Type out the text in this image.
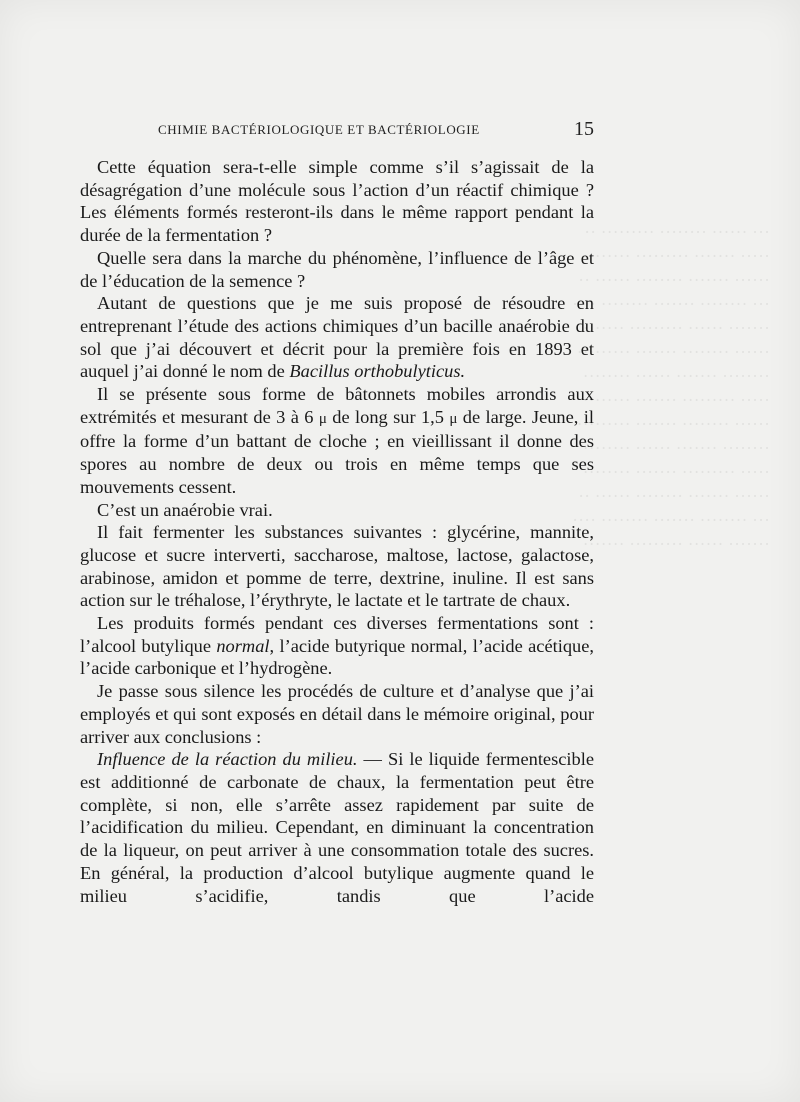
··· ······ ········ ········· ··
····· ······· ········· ········
······ ······· ········ ······ ··
··· ········ ······· ········ ····
······· ······ ········· ·······
······ ········ ······· ·········
········ ······· ······ ········
····· ········· ······· ········
······ ········ ······· ·········
········ ······· ······ ········
····· ········· ······· ········
······ ······· ········ ······ ··
··· ········ ······· ········ ····
······· ······ ········· ·······
CHIMIE BACTÉRIOLOGIQUE ET BACTÉRIOLOGIE	15

Cette équation sera-t-elle simple comme s’il s’agissait de la désagrégation d’une molécule sous l’action d’un réactif chimique ? Les éléments formés resteront-ils dans le même rapport pendant la durée de la fermentation ?

Quelle sera dans la marche du phénomène, l’influence de l’âge et de l’éducation de la semence ?

Autant de questions que je me suis proposé de résoudre en entreprenant l’étude des actions chimiques d’un bacille anaérobie du sol que j’ai découvert et décrit pour la première fois en 1893 et auquel j’ai donné le nom de Bacillus orthobulyticus.

Il se présente sous forme de bâtonnets mobiles arrondis aux extrémités et mesurant de 3 à 6 μ de long sur 1,5 μ de large. Jeune, il offre la forme d’un battant de cloche ; en vieillissant il donne des spores au nombre de deux ou trois en même temps que ses mouvements cessent.

C’est un anaérobie vrai.

Il fait fermenter les substances suivantes : glycérine, mannite, glucose et sucre interverti, saccharose, maltose, lactose, galactose, arabinose, amidon et pomme de terre, dextrine, inuline. Il est sans action sur le tréhalose, l’érythryte, le lactate et le tartrate de chaux.

Les produits formés pendant ces diverses fermentations sont : l’alcool butylique normal, l’acide butyrique normal, l’acide acétique, l’acide carbonique et l’hydrogène.

Je passe sous silence les procédés de culture et d’analyse que j’ai employés et qui sont exposés en détail dans le mémoire original, pour arriver aux conclusions :

Influence de la réaction du milieu. — Si le liquide fermentescible est additionné de carbonate de chaux, la fermentation peut être complète, si non, elle s’arrête assez rapidement par suite de l’acidification du milieu. Cependant, en diminuant la concentration de la liqueur, on peut arriver à une consommation totale des sucres. En général, la production d’alcool butylique augmente quand le milieu s’acidifie, tandis que l’acide
